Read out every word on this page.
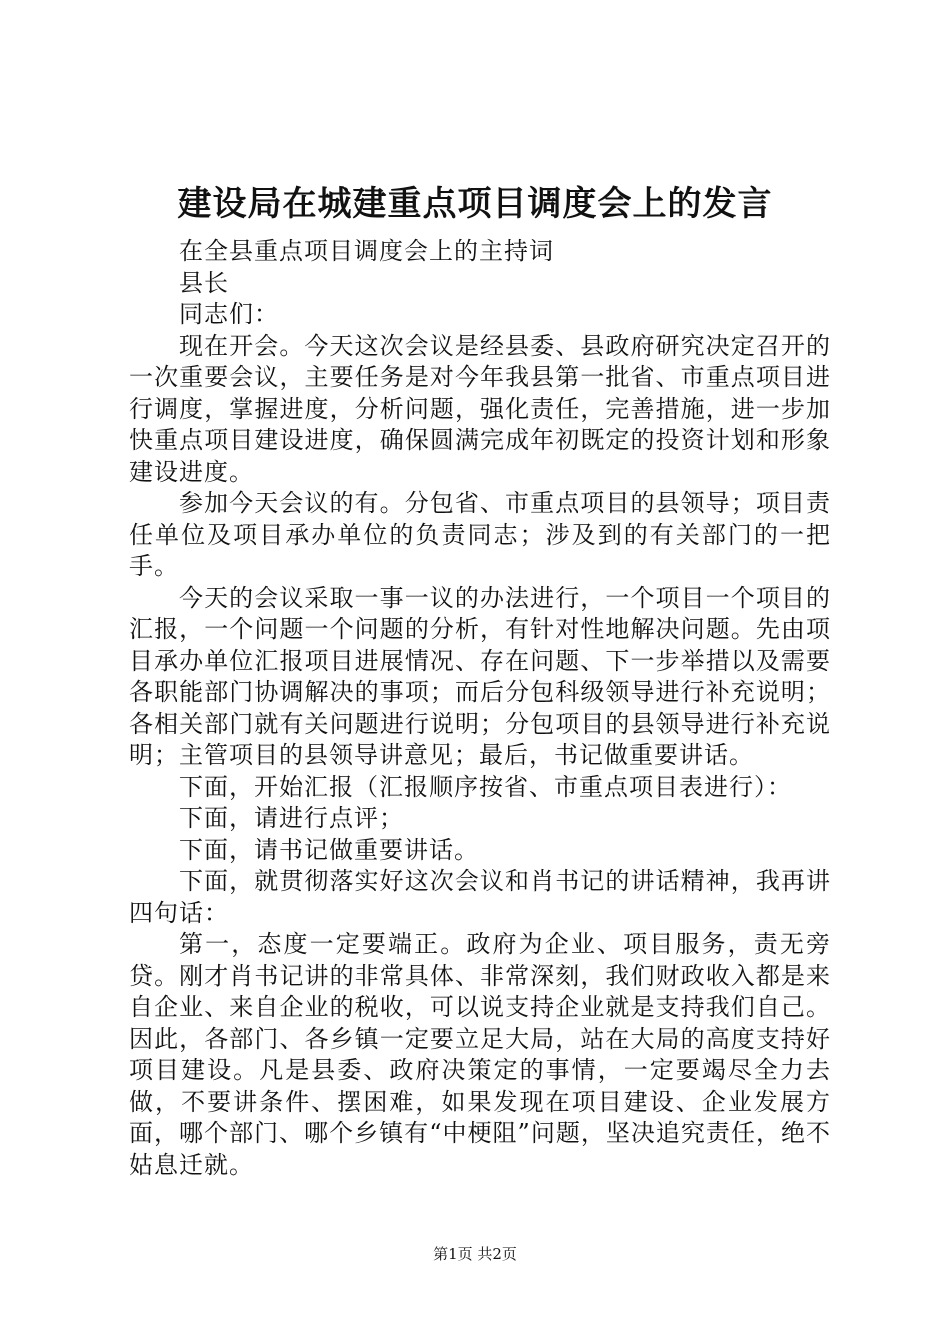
建设局在城建重点项目调度会上的发言

在全县重点项目调度会上的主持词

县长

同志们：

现在开会。今天这次会议是经县委、县政府研究决定召开的一次重要会议，主要任务是对今年我县第一批省、市重点项目进行调度，掌握进度，分析问题，强化责任，完善措施，进一步加快重点项目建设进度，确保圆满完成年初既定的投资计划和形象建设进度。

参加今天会议的有。分包省、市重点项目的县领导；项目责任单位及项目承办单位的负责同志；涉及到的有关部门的一把手。

今天的会议采取一事一议的办法进行，一个项目一个项目的汇报，一个问题一个问题的分析，有针对性地解决问题。先由项目承办单位汇报项目进展情况、存在问题、下一步举措以及需要各职能部门协调解决的事项；而后分包科级领导进行补充说明；各相关部门就有关问题进行说明；分包项目的县领导进行补充说明；主管项目的县领导讲意见；最后，书记做重要讲话。

下面，开始汇报（汇报顺序按省、市重点项目表进行）：

下面，请进行点评；

下面，请书记做重要讲话。

下面，就贯彻落实好这次会议和肖书记的讲话精神，我再讲四句话：

第一，态度一定要端正。政府为企业、项目服务，责无旁贷。刚才肖书记讲的非常具体、非常深刻，我们财政收入都是来自企业、来自企业的税收，可以说支持企业就是支持我们自己。因此，各部门、各乡镇一定要立足大局，站在大局的高度支持好项目建设。凡是县委、政府决策定的事情，一定要竭尽全力去做，不要讲条件、摆困难，如果发现在项目建设、企业发展方面，哪个部门、哪个乡镇有“中梗阻”问题，坚决追究责任，绝不姑息迁就。

第1页 共2页
